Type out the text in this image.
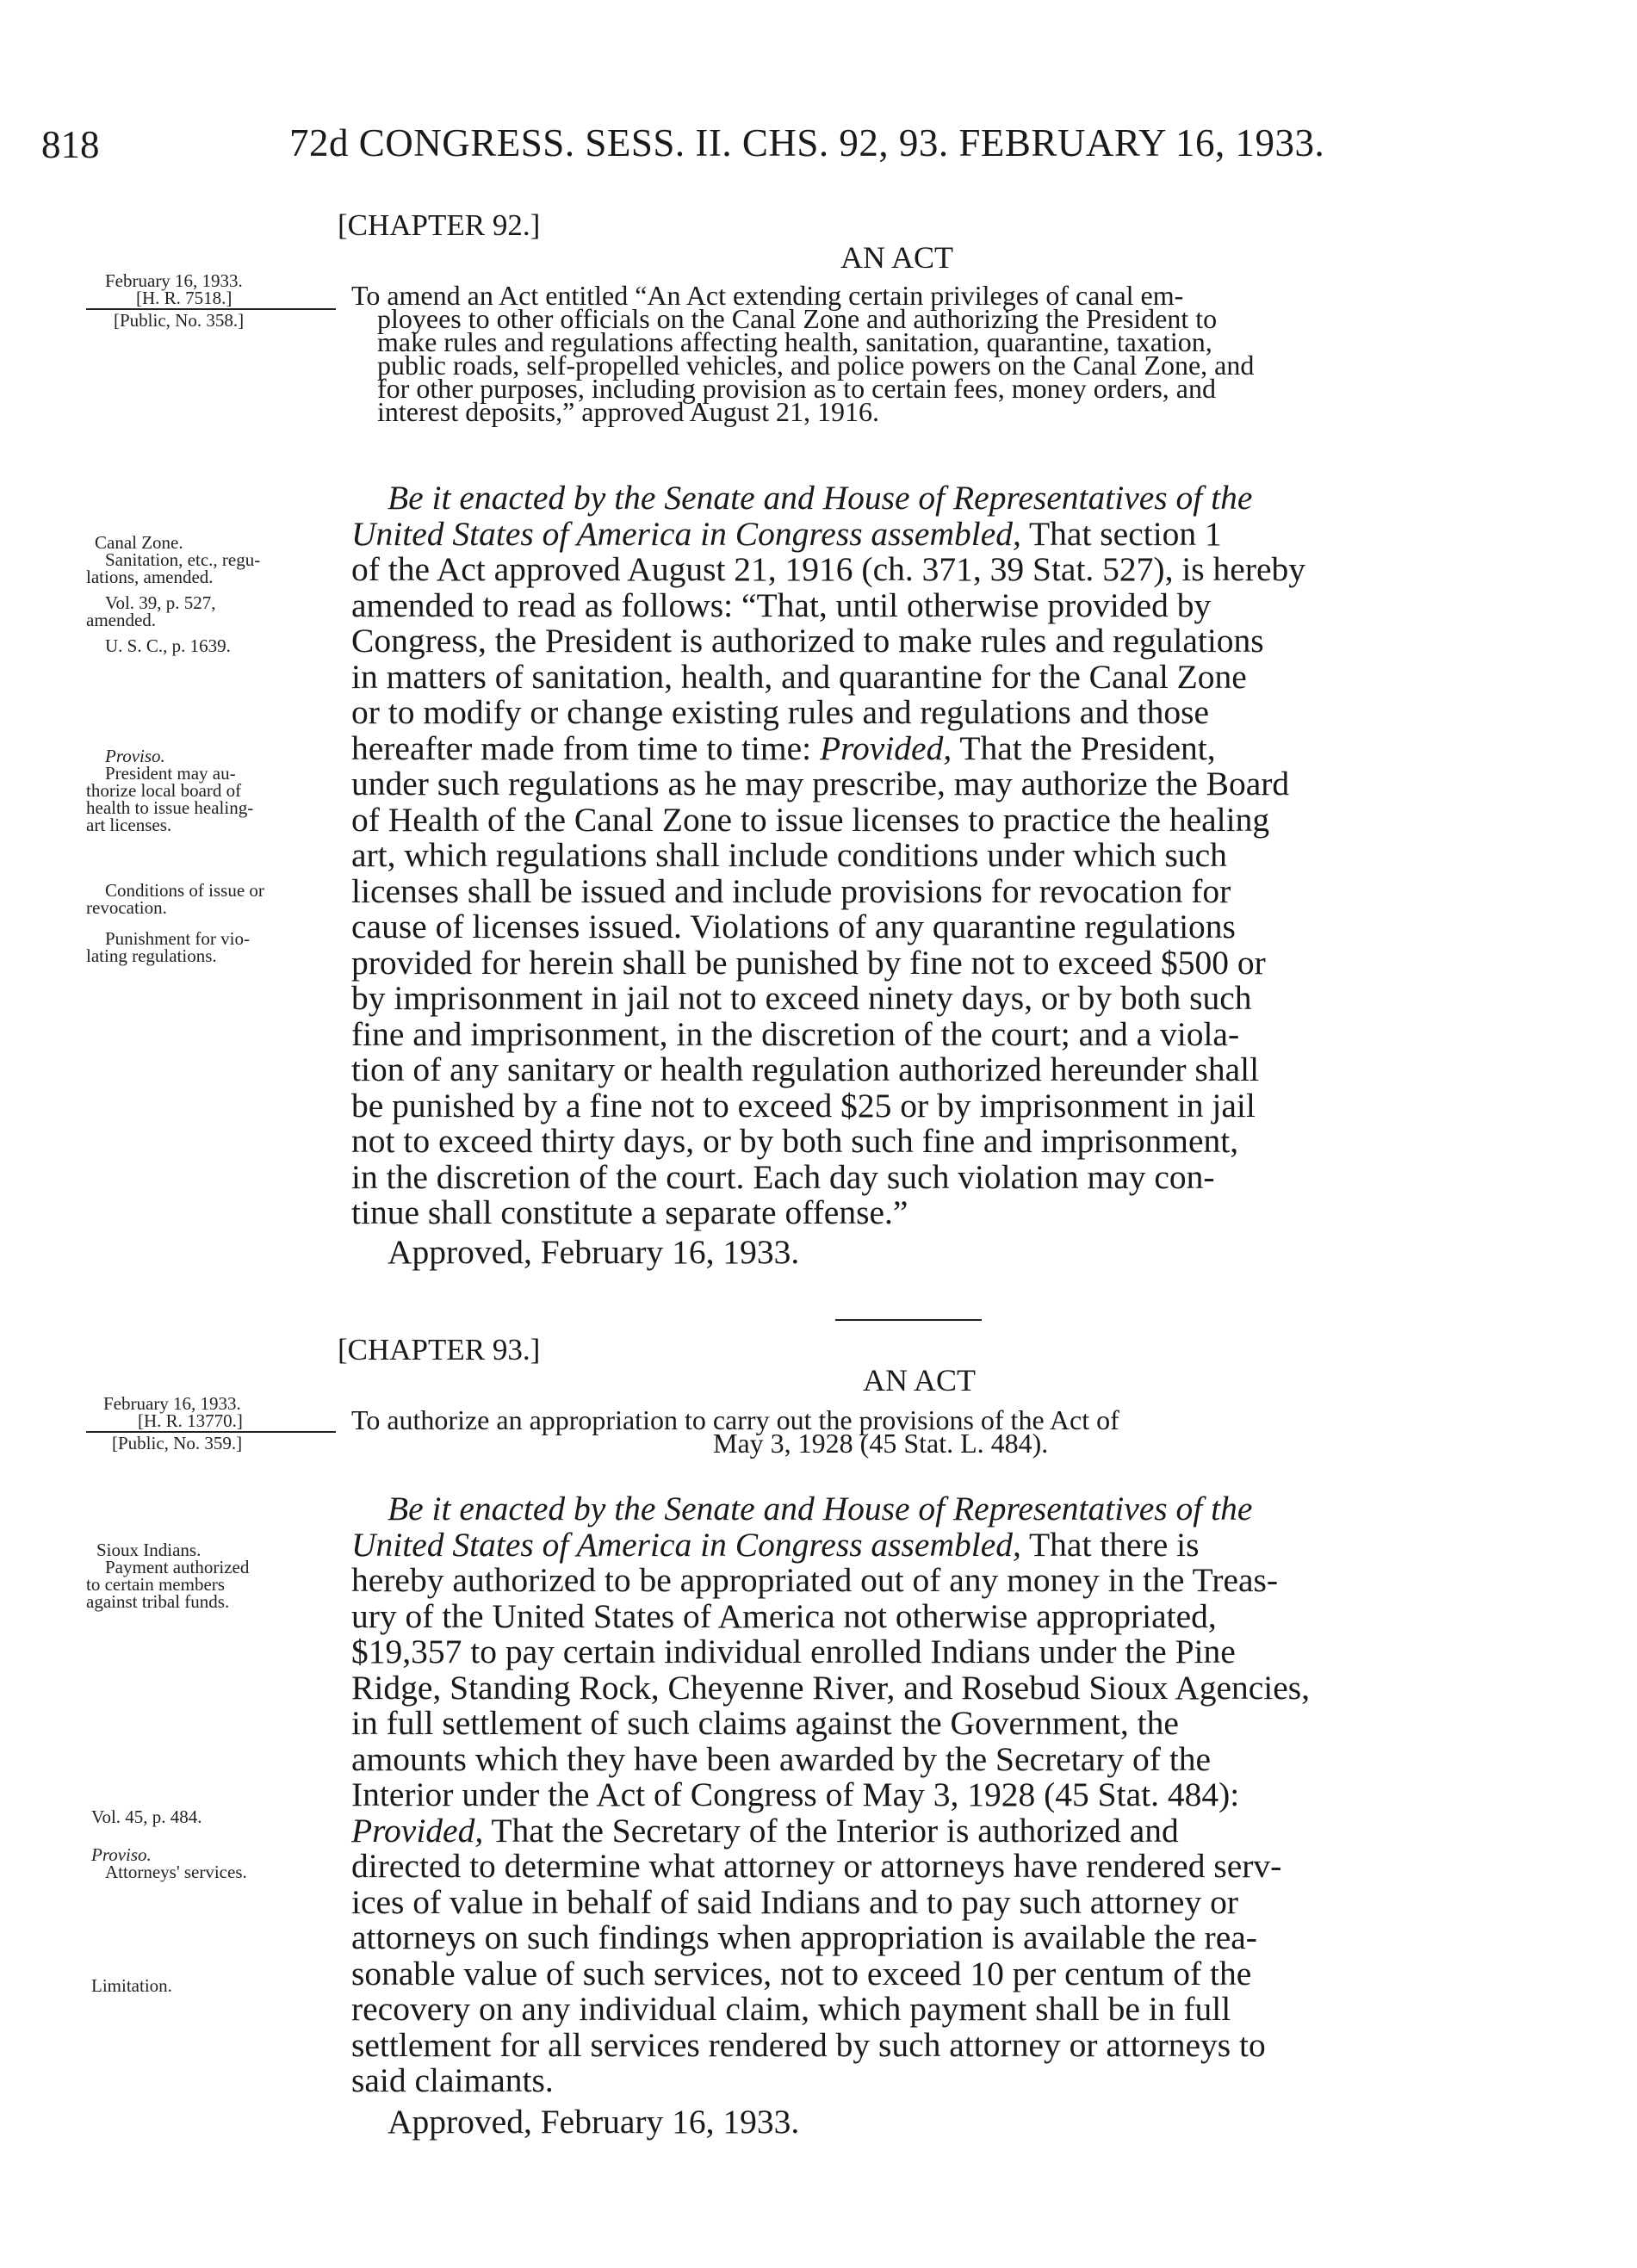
818	72d CONGRESS. SESS. II. CHS. 92, 93. FEBRUARY 16, 1933.
[CHAPTER 92.]
AN ACT
February 16, 1933.
[H. R. 7518.]
[Public, No. 358.]

To amend an Act entitled “An Act extending certain privileges of canal em-

ployees to other officials on the Canal Zone and authorizing the President to

make rules and regulations affecting health, sanitation, quarantine, taxation,

public roads, self-propelled vehicles, and police powers on the Canal Zone, and

for other purposes, including provision as to certain fees, money orders, and

interest deposits,” approved August 21, 1916.

Be it enacted by the Senate and House of Representatives of the

United States of America in Congress assembled, That section 1

of the Act approved August 21, 1916 (ch. 371, 39 Stat. 527), is hereby

amended to read as follows: “That, until otherwise provided by

Congress, the President is authorized to make rules and regulations

in matters of sanitation, health, and quarantine for the Canal Zone

or to modify or change existing rules and regulations and those

hereafter made from time to time: Provided, That the President,

under such regulations as he may prescribe, may authorize the Board

of Health of the Canal Zone to issue licenses to practice the healing

art, which regulations shall include conditions under which such

licenses shall be issued and include provisions for revocation for

cause of licenses issued. Violations of any quarantine regulations

provided for herein shall be punished by fine not to exceed $500 or

by imprisonment in jail not to exceed ninety days, or by both such

fine and imprisonment, in the discretion of the court; and a viola-

tion of any sanitary or health regulation authorized hereunder shall

be punished by a fine not to exceed $25 or by imprisonment in jail

not to exceed thirty days, or by both such fine and imprisonment,

in the discretion of the court. Each day such violation may con-

tinue shall constitute a separate offense.”

Approved, February 16, 1933.

Canal Zone.
Sanitation, etc., regu-
lations, amended.
Vol. 39, p. 527,
amended.
U. S. C., p. 1639.
Proviso.
President may au-
thorize local board of
health to issue healing-
art licenses.
Conditions of issue or
revocation.
Punishment for vio-
lating regulations.
[CHAPTER 93.]
AN ACT
February 16, 1933.
[H. R. 13770.]
[Public, No. 359.]

To authorize an appropriation to carry out the provisions of the Act of

May 3, 1928 (45 Stat. L. 484).

Be it enacted by the Senate and House of Representatives of the

United States of America in Congress assembled, That there is

hereby authorized to be appropriated out of any money in the Treas-

ury of the United States of America not otherwise appropriated,

$19,357 to pay certain individual enrolled Indians under the Pine

Ridge, Standing Rock, Cheyenne River, and Rosebud Sioux Agencies,

in full settlement of such claims against the Government, the

amounts which they have been awarded by the Secretary of the

Interior under the Act of Congress of May 3, 1928 (45 Stat. 484):

Provided, That the Secretary of the Interior is authorized and

directed to determine what attorney or attorneys have rendered serv-

ices of value in behalf of said Indians and to pay such attorney or

attorneys on such findings when appropriation is available the rea-

sonable value of such services, not to exceed 10 per centum of the

recovery on any individual claim, which payment shall be in full

settlement for all services rendered by such attorney or attorneys to

said claimants.

Approved, February 16, 1933.

Sioux Indians.
Payment authorized
to certain members
against tribal funds.
Vol. 45, p. 484.
Proviso.
Attorneys' services.
Limitation.
